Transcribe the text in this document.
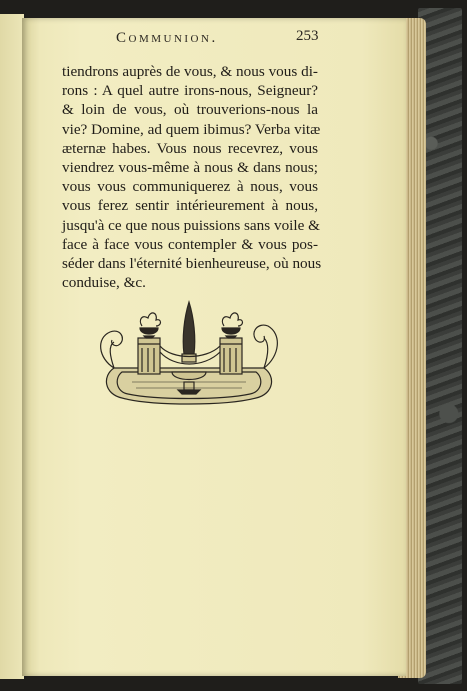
Communion.	253
tiendrons auprès de vous, & nous vous di-
rons : A quel autre irons-nous, Seigneur?
& loin de vous, où trouverions-nous la
vie? Domine, ad quem ibimus? Verba vitæ
æternæ habes. Vous nous recevrez, vous
viendrez vous-même à nous & dans nous;
vous vous communiquerez à nous, vous
vous ferez sentir intérieurement à nous,
jusqu'à ce que nous puissions sans voile &
face à face vous contempler & vous pos-
séder dans l'éternité bienheureuse, où nous
conduise, &c.
